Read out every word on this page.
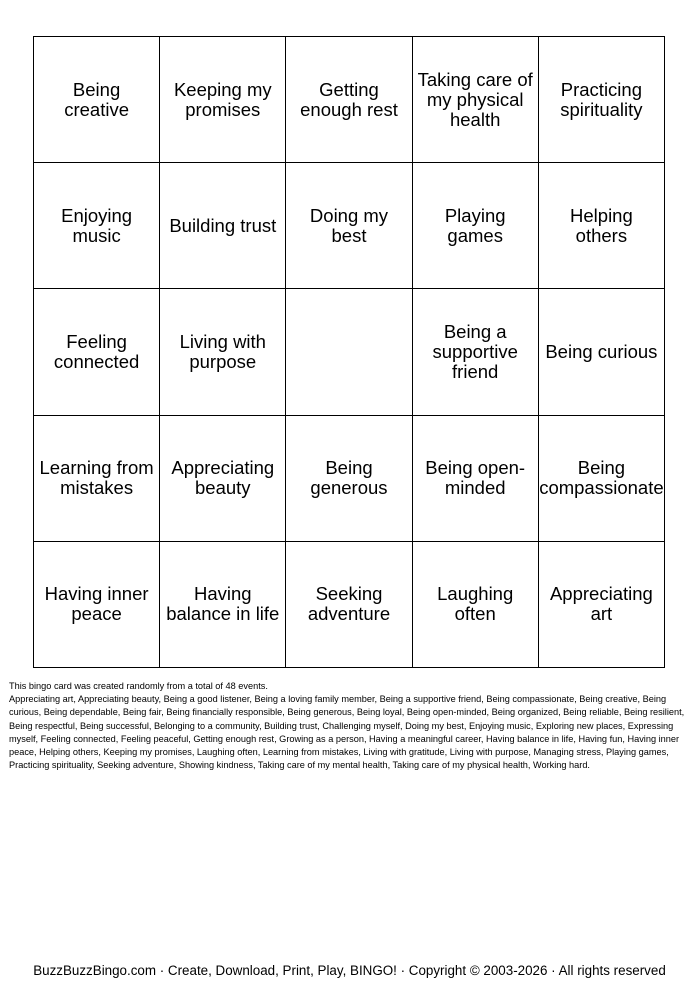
Being creative
Keeping my promises
Getting enough rest
Taking care of my physical health
Practicing spirituality
Enjoying music	Building trust	Doing my best
Playing games
Helping others
Feeling connected
Living with purpose
Being a supportive friend
Being curious
Learning from mistakes
Appreciating beauty
Being generous
Being open-minded
Being compassionate
Having inner peace
Having balance in life
Seeking adventure
Laughing often
Appreciating art

This bingo card was created randomly from a total of 48 events.

Appreciating art, Appreciating beauty, Being a good listener, Being a loving family member, Being a supportive friend, Being compassionate, Being creative, Being curious, Being dependable, Being fair, Being financially responsible, Being generous, Being loyal, Being open-minded, Being organized, Being reliable, Being resilient, Being respectful, Being successful, Belonging to a community, Building trust, Challenging myself, Doing my best, Enjoying music, Exploring new places, Expressing myself, Feeling connected, Feeling peaceful, Getting enough rest, Growing as a person, Having a meaningful career, Having balance in life, Having fun, Having inner peace, Helping others, Keeping my promises, Laughing often, Learning from mistakes, Living with gratitude, Living with purpose, Managing stress, Playing games, Practicing spirituality, Seeking adventure, Showing kindness, Taking care of my mental health, Taking care of my physical health, Working hard.

BuzzBuzzBingo.com · Create, Download, Print, Play, BINGO! · Copyright © 2003-2026 · All rights reserved
